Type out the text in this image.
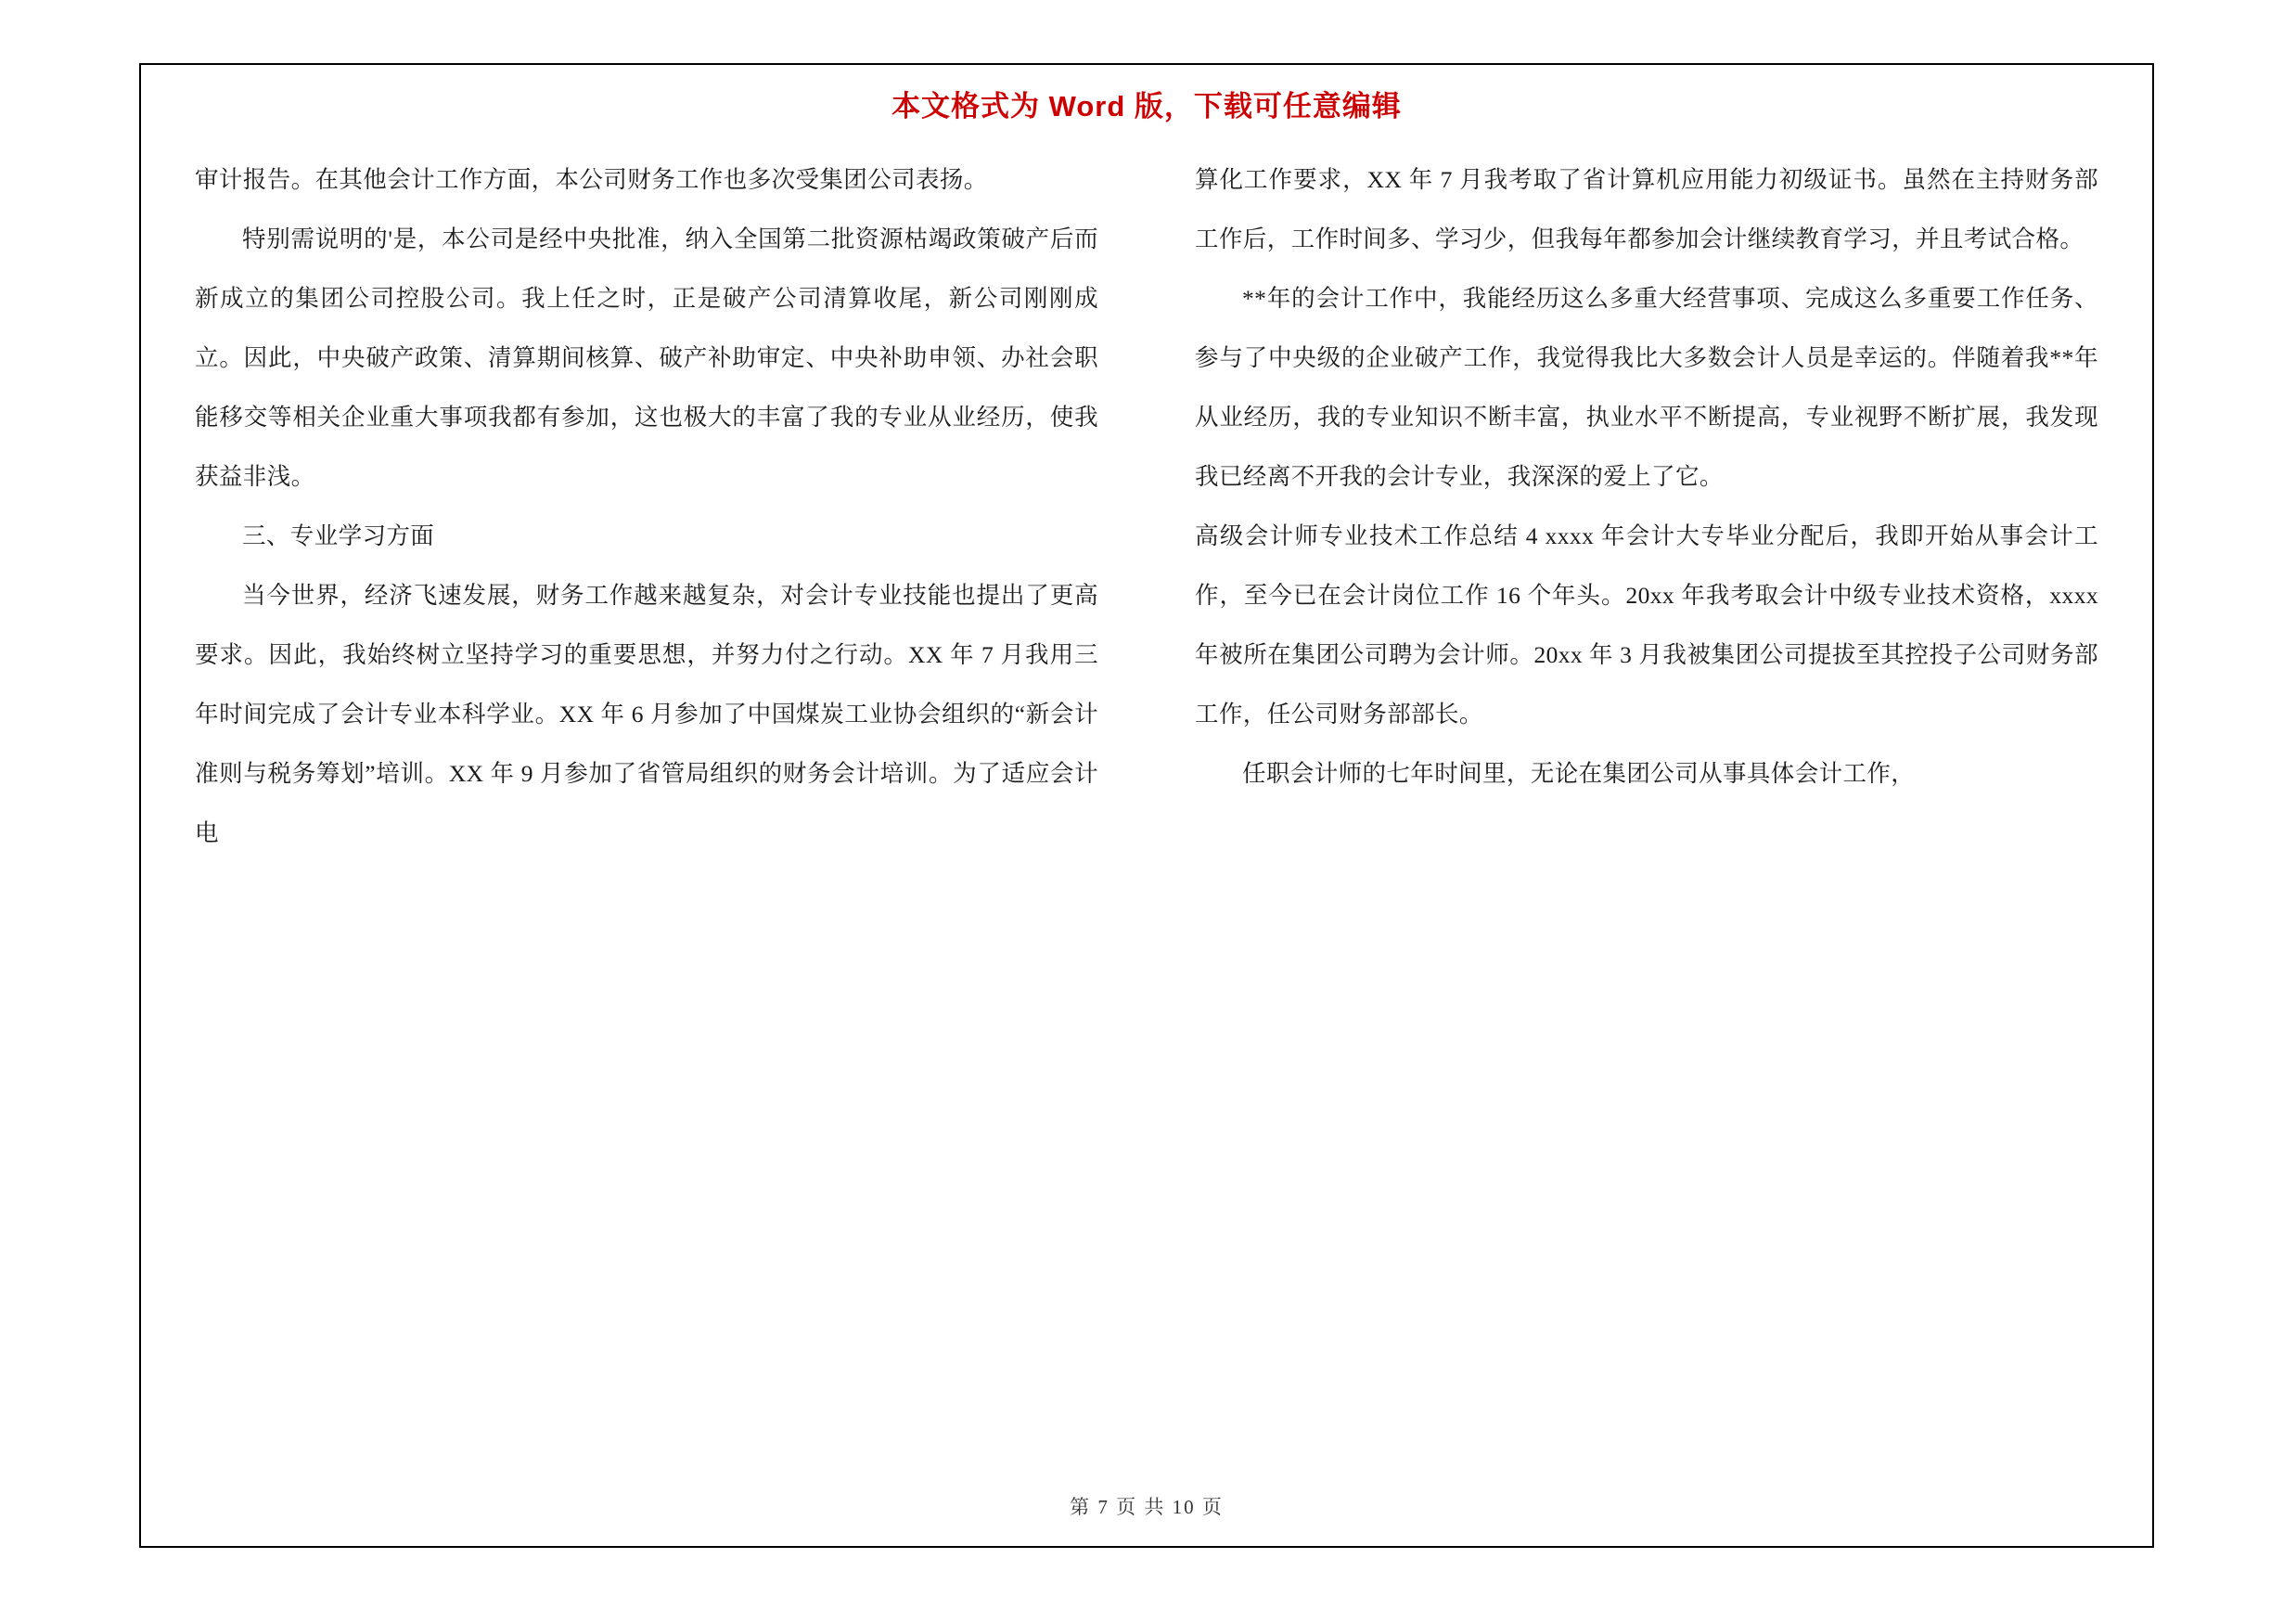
本文格式为 Word 版，下载可任意编辑

审计报告。在其他会计工作方面，本公司财务工作也多次受集团公司表扬。

特别需说明的'是，本公司是经中央批准，纳入全国第二批资源枯竭政策破产后而新成立的集团公司控股公司。我上任之时，正是破产公司清算收尾，新公司刚刚成立。因此，中央破产政策、清算期间核算、破产补助审定、中央补助申领、办社会职能移交等相关企业重大事项我都有参加，这也极大的丰富了我的专业从业经历，使我获益非浅。

三、专业学习方面

当今世界，经济飞速发展，财务工作越来越复杂，对会计专业技能也提出了更高要求。因此，我始终树立坚持学习的重要思想，并努力付之行动。XX 年 7 月我用三年时间完成了会计专业本科学业。XX 年 6 月参加了中国煤炭工业协会组织的“新会计准则与税务筹划”培训。XX 年 9 月参加了省管局组织的财务会计培训。为了适应会计电

算化工作要求，XX 年 7 月我考取了省计算机应用能力初级证书。虽然在主持财务部工作后，工作时间多、学习少，但我每年都参加会计继续教育学习，并且考试合格。

**年的会计工作中，我能经历这么多重大经营事项、完成这么多重要工作任务、参与了中央级的企业破产工作，我觉得我比大多数会计人员是幸运的。伴随着我**年从业经历，我的专业知识不断丰富，执业水平不断提高，专业视野不断扩展，我发现我已经离不开我的会计专业，我深深的爱上了它。

高级会计师专业技术工作总结 4 xxxx 年会计大专毕业分配后，我即开始从事会计工作，至今已在会计岗位工作 16 个年头。20xx 年我考取会计中级专业技术资格，xxxx 年被所在集团公司聘为会计师。20xx 年 3 月我被集团公司提拔至其控投子公司财务部工作，任公司财务部部长。

任职会计师的七年时间里，无论在集团公司从事具体会计工作，

第 7 页 共 10 页
